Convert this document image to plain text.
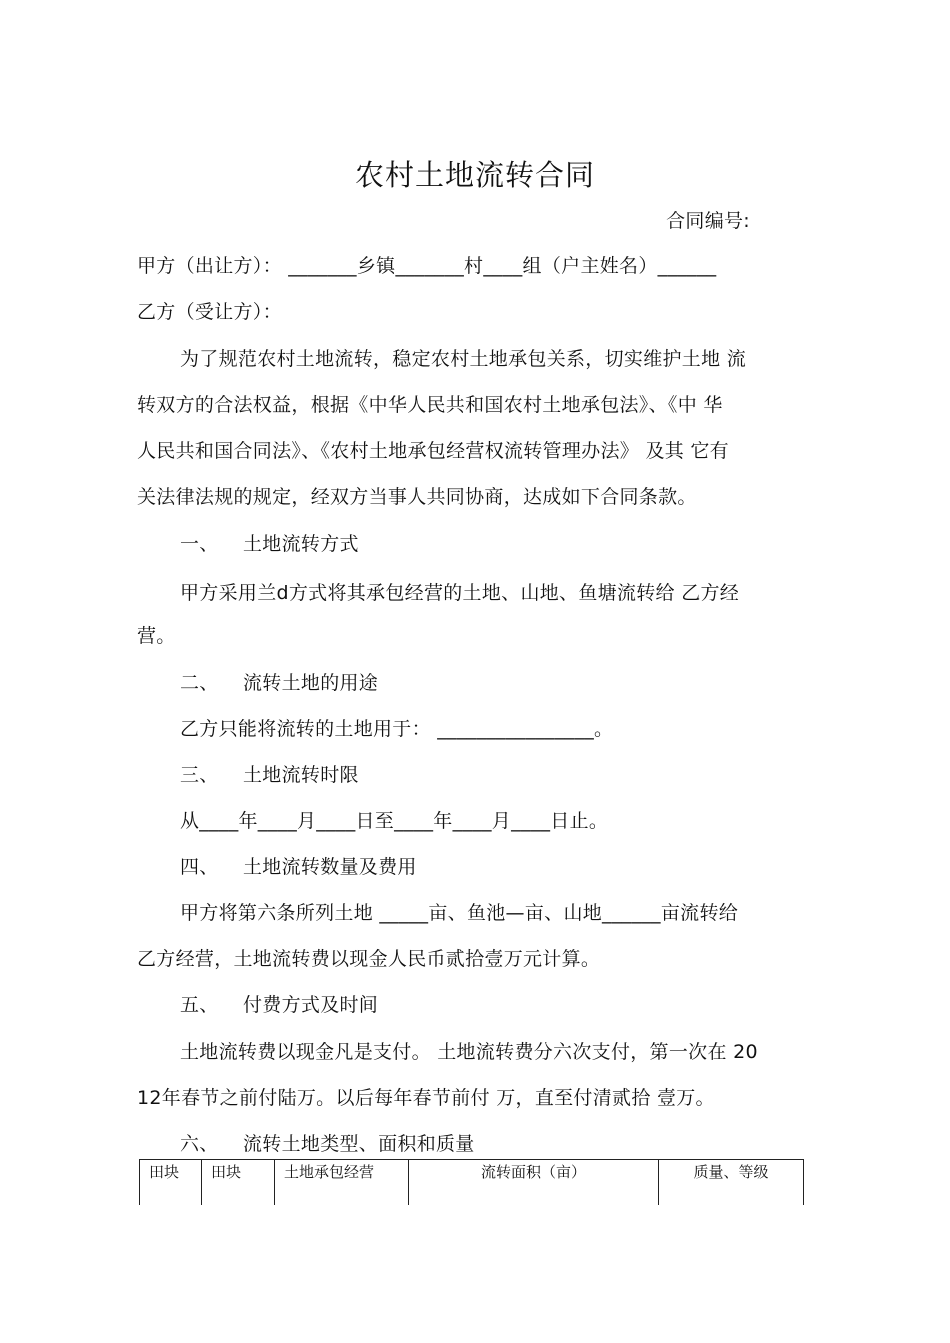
农村土地流转合同
合同编号:
甲方（出让方）： _______乡镇_______村____组（户主姓名）______
乙方（受让方）：
为了规范农村土地流转，稳定农村土地承包关系，切实维护土地 流
转双方的合法权益，根据《中华人民共和国农村土地承包法》、《中 华
人民共和国合同法》、《农村土地承包经营权流转管理办法》 及其 它有
关法律法规的规定，经双方当事人共同协商，达成如下合同条款。
一、 土地流转方式
甲方采用兰d方式将其承包经营的土地、山地、鱼塘流转给 乙方经
营。
二、 流转土地的用途
乙方只能将流转的土地用于： ________________。
三、 土地流转时限
从____年____月____日至____年____月____日止。
四、 土地流转数量及费用
甲方将第六条所列土地 _____亩、鱼池—亩、山地______亩流转给
乙方经营，土地流转费以现金人民币贰拾壹万元计算。
五、 付费方式及时间
土地流转费以现金凡是支付。 土地流转费分六次支付，第一次在 20
12年春节之前付陆万。以后每年春节前付 万，直至付清贰拾 壹万。
六、 流转土地类型、面积和质量
田块	田块	土地承包经营	流转面积（亩）	质量、等级
